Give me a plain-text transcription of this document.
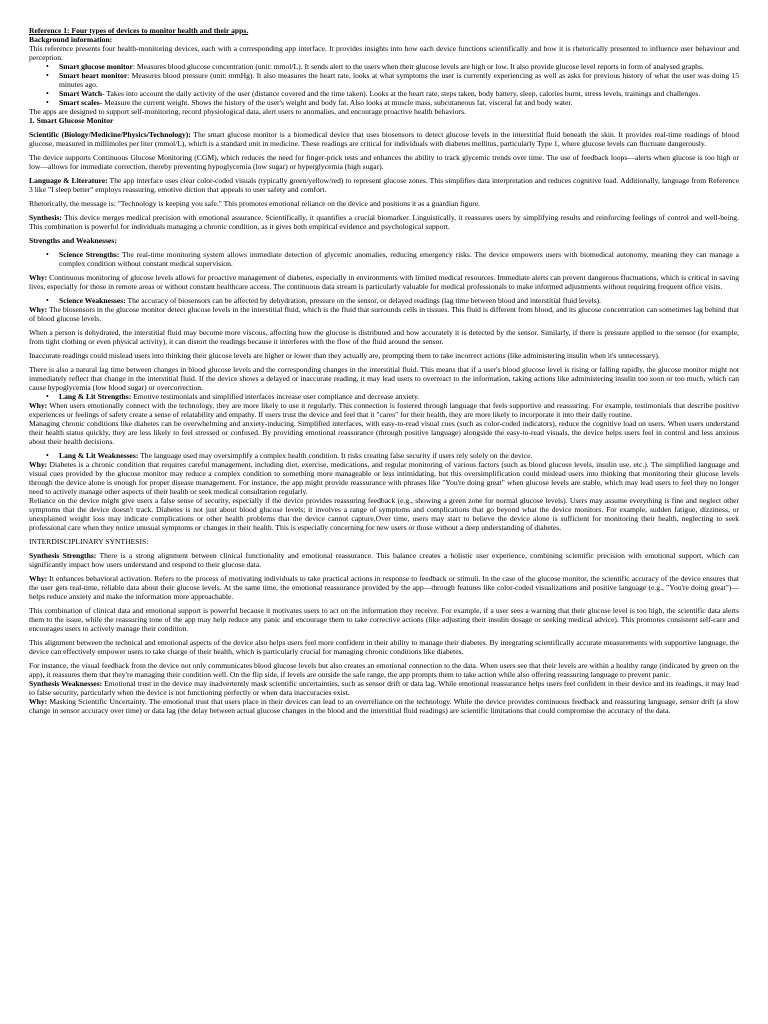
Reference 1: Four types of devices to monitor health and their apps.

Background information:

This reference presents four health-monitoring devices, each with a corresponding app interface. It provides insights into how each device functions scientifically and how it is rhetorically presented to influence user behaviour and perception.

• Smart glucose monitor: Measures blood glucose concentration (unit: mmol/L). It sends alert to the users when their glucose levels are high or low. It also provide glucose level reports in form of analysed graphs.
• Smart heart monitor: Measures blood pressure (unit: mmHg). It also measures the heart rate, looks at what symptoms the user is currently experiencing as well as asks for previous history of what the user was doing 15 minutes ago.
• Smart Watch- Takes into account the daily activity of the user (distance covered and the time taken). Looks at the heart rate, steps taken, body battery, sleep, calories burnt, stress levels, trainings and challenges.
• Smart scales- Measure the current weight. Shows the history of the user's weight and body fat. Also looks at muscle mass, subcutaneous fat, visceral fat and body water.

The apps are designed to support self-monitoring, record physiological data, alert users to anomalies, and encourage proactive health behaviors.

1. Smart Glucose Monitor

Scientific (Biology/Medicine/Physics/Technology): The smart glucose monitor is a biomedical device that uses biosensors to detect glucose levels in the interstitial fluid beneath the skin. It provides real-time readings of blood glucose, measured in millimoles per liter (mmol/L), which is a standard unit in medicine. These readings are critical for individuals with diabetes mellitus, particularly Type 1, where glucose levels can fluctuate dangerously.

The device supports Continuous Glucose Monitoring (CGM), which reduces the need for finger-prick tests and enhances the ability to track glycemic trends over time. The use of feedback loops—alerts when glucose is too high or low—allows for immediate correction, thereby preventing hypoglycemia (low sugar) or hyperglycemia (high sugar).

Language & Literature: The app interface uses clear color-coded visuals (typically green/yellow/red) to represent glucose zones. This simplifies data interpretation and reduces cognitive load. Additionally, language from Reference 3 like "I sleep better" employs reassuring, emotive diction that appeals to user safety and comfort.

Rhetorically, the message is: "Technology is keeping you safe." This promotes emotional reliance on the device and positions it as a guardian figure.

Synthesis: This device merges medical precision with emotional assurance. Scientifically, it quantifies a crucial biomarker. Linguistically, it reassures users by simplifying results and reinforcing feelings of control and well-being. This combination is powerful for individuals managing a chronic condition, as it gives both empirical evidence and psychological support.

Strengths and Weaknesses:

• Science Strengths: The real-time monitoring system allows immediate detection of glycemic anomalies, reducing emergency risks. The device empowers users with biomedical autonomy, meaning they can manage a complex condition without constant medical supervision.

Why: Continuous monitoring of glucose levels allows for proactive management of diabetes, especially in environments with limited medical resources. Immediate alerts can prevent dangerous fluctuations, which is critical in saving lives, especially for those in remote areas or without constant healthcare access. The continuous data stream is particularly valuable for medical professionals to make informed adjustments without requiring frequent office visits.

• Science Weaknesses: The accuracy of biosensors can be affected by dehydration, pressure on the sensor, or delayed readings (lag time between blood and interstitial fluid levels).

Why: The biosensors in the glucose monitor detect glucose levels in the interstitial fluid, which is the fluid that surrounds cells in tissues. This fluid is different from blood, and its glucose concentration can sometimes lag behind that of blood glucose levels.

When a person is dehydrated, the interstitial fluid may become more viscous, affecting how the glucose is distributed and how accurately it is detected by the sensor. Similarly, if there is pressure applied to the sensor (for example, from tight clothing or even physical activity), it can distort the readings because it interferes with the flow of the fluid around the sensor.

Inaccurate readings could mislead users into thinking their glucose levels are higher or lower than they actually are, prompting them to take incorrect actions (like administering insulin when it's unnecessary).

There is also a natural lag time between changes in blood glucose levels and the corresponding changes in the interstitial fluid. This means that if a user's blood glucose level is rising or falling rapidly, the glucose monitor might not immediately reflect that change in the interstitial fluid. If the device shows a delayed or inaccurate reading, it may lead users to overreact to the information, taking actions like administering insulin too soon or too much, which can cause hypoglycemia (low blood sugar) or overcorrection.

• Lang & Lit Strengths: Emotive testimonials and simplified interfaces increase user compliance and decrease anxiety.

Why: When users emotionally connect with the technology, they are more likely to use it regularly. This connection is fostered through language that feels supportive and reassuring. For example, testimonials that describe positive experiences or feelings of safety create a sense of relatability and empathy. If users trust the device and feel that it "cares" for their health, they are more likely to incorporate it into their daily routine.

Managing chronic conditions like diabetes can be overwhelming and anxiety-inducing. Simplified interfaces, with easy-to-read visual cues (such as color-coded indicators), reduce the cognitive load on users. When users understand their health status quickly, they are less likely to feel stressed or confused. By providing emotional reassurance (through positive language) alongside the easy-to-read visuals, the device helps users feel in control and less anxious about their health decisions.

• Lang & Lit Weaknesses: The language used may oversimplify a complex health condition. It risks creating false security if users rely solely on the device.

Why: Diabetes is a chronic condition that requires careful management, including diet, exercise, medications, and regular monitoring of various factors (such as blood glucose levels, insulin use, etc.). The simplified language and visual cues provided by the glucose monitor may reduce a complex condition to something more manageable or less intimidating, but this oversimplification could mislead users into thinking that monitoring their glucose levels through the device alone is enough for proper disease management. For instance, the app might provide reassurance with phrases like "You're doing great" when glucose levels are stable, which may lead users to feel they no longer need to actively manage other aspects of their health or seek medical consultation regularly.

Reliance on the device might give users a false sense of security, especially if the device provides reassuring feedback (e.g., showing a green zone for normal glucose levels). Users may assume everything is fine and neglect other symptoms that the device doesn't track. Diabetes is not just about blood glucose levels; it involves a range of symptoms and complications that go beyond what the device monitors. For example, sudden fatigue, dizziness, or unexplained weight loss may indicate complications or other health problems that the device cannot capture.Over time, users may start to believe the device alone is sufficient for monitoring their health, neglecting to seek professional care when they notice unusual symptoms or changes in their health. This is especially concerning for new users or those without a deep understanding of diabetes.

INTERDISCIPLINARY SYNTHESIS:

Synthesis Strengths: There is a strong alignment between clinical functionality and emotional reassurance. This balance creates a holistic user experience, combining scientific precision with emotional support, which can significantly impact how users understand and respond to their glucose data.

Why: It enhances behavioral activation. Refers to the process of motivating individuals to take practical actions in response to feedback or stimuli. In the case of the glucose monitor, the scientific accuracy of the device ensures that the user gets real-time, reliable data about their glucose levels. At the same time, the emotional reassurance provided by the app—through features like color-coded visualizations and positive language (e.g., "You're doing great")—helps reduce anxiety and make the information more approachable.

This combination of clinical data and emotional support is powerful because it motivates users to act on the information they receive. For example, if a user sees a warning that their glucose level is too high, the scientific data alerts them to the issue, while the reassuring tone of the app may help reduce any panic and encourage them to take corrective actions (like adjusting their insulin dosage or seeking medical advice). This promotes consistent self-care and encourages users to actively manage their condition.

This alignment between the technical and emotional aspects of the device also helps users feel more confident in their ability to manage their diabetes. By integrating scientifically accurate measurements with supportive language, the device can effectively empower users to take charge of their health, which is particularly crucial for managing chronic conditions like diabetes.

For instance, the visual feedback from the device not only communicates blood glucose levels but also creates an emotional connection to the data. When users see that their levels are within a healthy range (indicated by green on the app), it reassures them that they're managing their condition well. On the flip side, if levels are outside the safe range, the app prompts them to take action while also offering reassuring language to prevent panic.

Synthesis Weaknesses: Emotional trust in the device may inadvertently mask scientific uncertainties, such as sensor drift or data lag. While emotional reassurance helps users feel confident in their device and its readings, it may lead to false security, particularly when the device is not functioning perfectly or when data inaccuracies exist.

Why: Masking Scientific Uncertainty. The emotional trust that users place in their devices can lead to an overreliance on the technology. While the device provides continuous feedback and reassuring language, sensor drift (a slow change in sensor accuracy over time) or data lag (the delay between actual glucose changes in the blood and the interstitial fluid readings) are scientific limitations that could compromise the accuracy of the data.
